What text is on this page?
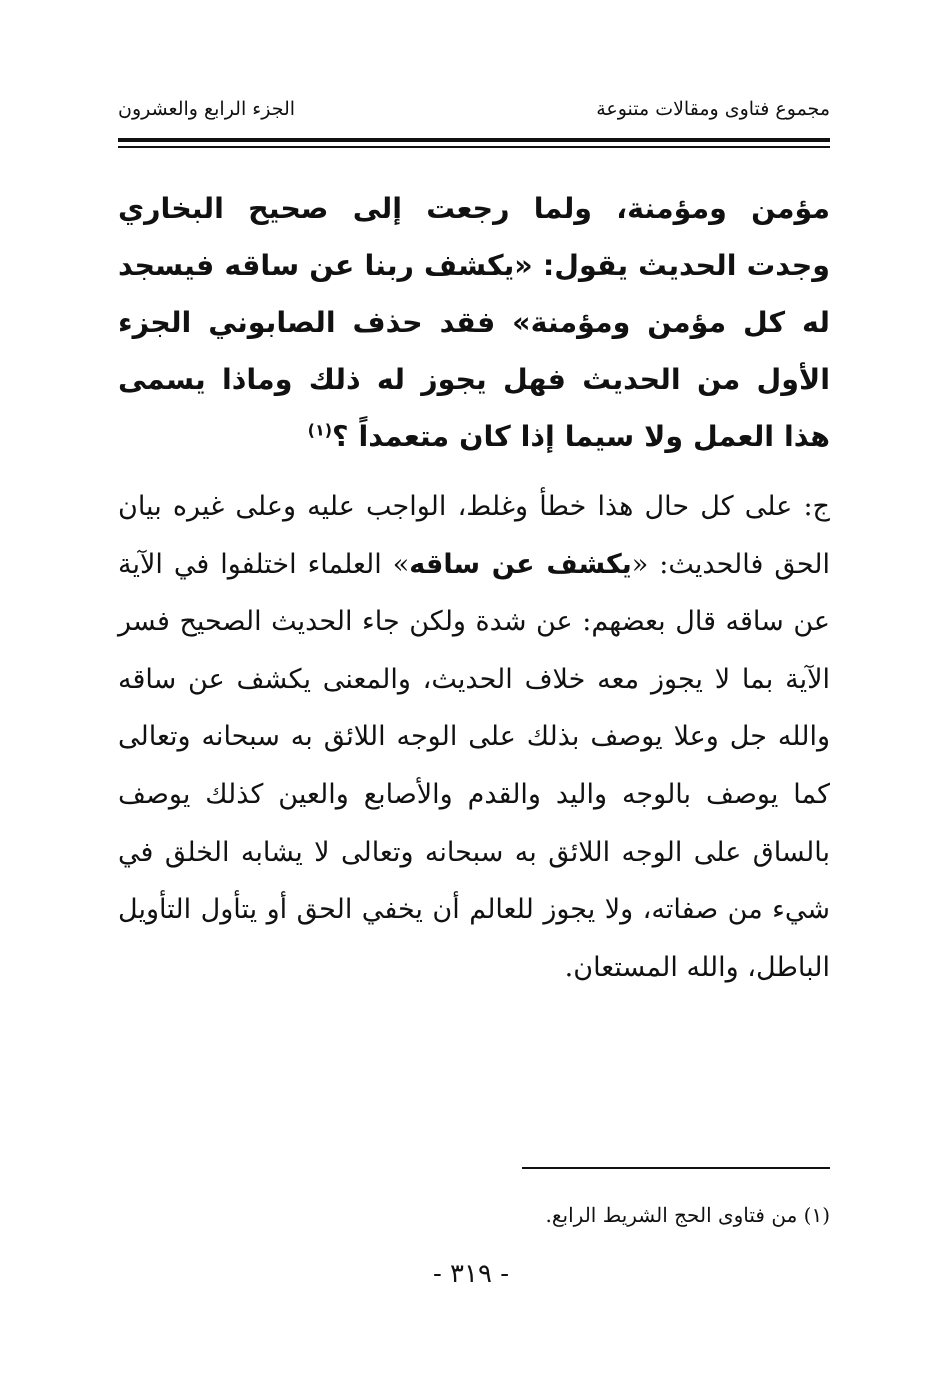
مجموع فتاوى ومقالات متنوعة
الجزء الرابع والعشرون
مؤمن ومؤمنة، ولما رجعت إلى صحيح البخاري وجدت الحديث يقول: «يكشف ربنا عن ساقه فيسجد له كل مؤمن ومؤمنة» فقد حذف الصابوني الجزء الأول من الحديث فهل يجوز له ذلك وماذا يسمى هذا العمل ولا سيما إذا كان متعمداً ؟$^{(١)}$
ج: على كل حال هذا خطأ وغلط، الواجب عليه وعلى غيره بيان الحق فالحديث: «يكشف عن ساقه» العلماء اختلفوا في الآية عن ساقه قال بعضهم: عن شدة ولكن جاء الحديث الصحيح فسر الآية بما لا يجوز معه خلاف الحديث، والمعنى يكشف عن ساقه والله جل وعلا يوصف بذلك على الوجه اللائق به سبحانه وتعالى كما يوصف بالوجه واليد والقدم والأصابع والعين كذلك يوصف بالساق على الوجه اللائق به سبحانه وتعالى لا يشابه الخلق في شيء من صفاته، ولا يجوز للعالم أن يخفي الحق أو يتأول التأويل الباطل، والله المستعان.
(١) من فتاوى الحج الشريط الرابع.
- ٣١٩ -
